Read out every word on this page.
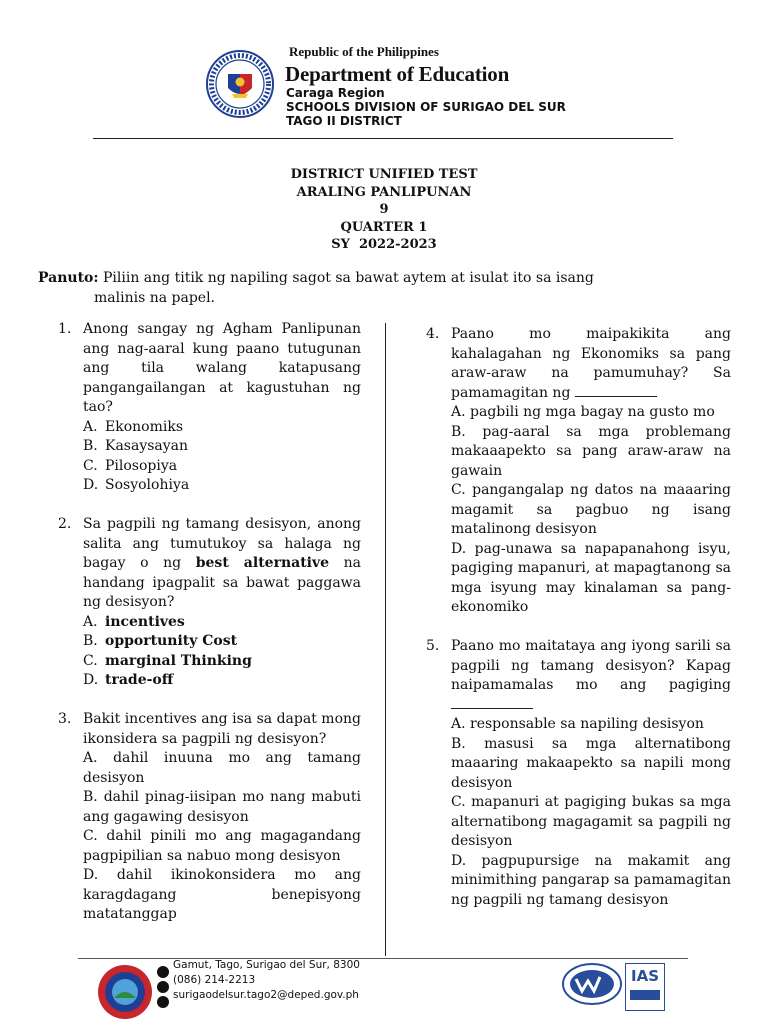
Republic of the Philippines
Department of Education
Caraga Region
SCHOOLS DIVISION OF SURIGAO DEL SUR
TAGO II DISTRICT
DISTRICT UNIFIED TEST
ARALING PANLIPUNAN
9
QUARTER 1
SY  2022-2023
Panuto: Piliin ang titik ng napiling sagot sa bawat aytem at isulat ito sa isang
malinis na papel.
1. Anong sangay ng Agham Panlipunan ang nag-aaral kung paano tutugunan ang tila walang katapusang pangangailangan at kagustuhan ng tao?
A. Ekonomiks
B. Kasaysayan
C. Pilosopiya
D. Sosyolohiya
2. Sa pagpili ng tamang desisyon, anong salita ang tumutukoy sa halaga ng bagay o ng best alternative na handang ipagpalit sa bawat paggawa ng desisyon?
A. incentives
B. opportunity Cost
C. marginal Thinking
D. trade-off
3. Bakit incentives ang isa sa dapat mong ikonsidera sa pagpili ng desisyon?
A. dahil inuuna mo ang tamang desisyon
B. dahil pinag-iisipan mo nang mabuti ang gagawing desisyon
C. dahil pinili mo ang magagandang pagpipilian sa nabuo mong desisyon
D. dahil ikinokonsidera mo ang karagdagang benepisyong matatanggap
4. Paano mo maipakikita ang kahalagahan ng Ekonomiks sa pang araw-araw na pamumuhay? Sa pamamagitan ng
A. pagbili ng mga bagay na gusto mo
B. pag-aaral sa mga problemang makaaapekto sa pang araw-araw na gawain
C. pangangalap ng datos na maaaring magamit sa pagbuo ng isang matalinong desisyon
D. pag-unawa sa napapanahong isyu, pagiging mapanuri, at mapagtanong sa mga isyung may kinalaman sa pang-ekonomiko
5. Paano mo maitataya ang iyong sarili sa pagpili ng tamang desisyon? Kapag naipamamalas mo ang pagiging
A. responsable sa napiling desisyon
B. masusi sa mga alternatibong maaaring makaapekto sa napili mong desisyon
C. mapanuri at pagiging bukas sa mga alternatibong magagamit sa pagpili ng desisyon
D. pagpupursige na makamit ang minimithing pangarap sa pamamagitan ng pagpili ng tamang desisyon
Gamut, Tago, Surigao del Sur, 8300
(086) 214-2213
surigaodelsur.tago2@deped.gov.ph
IAS
